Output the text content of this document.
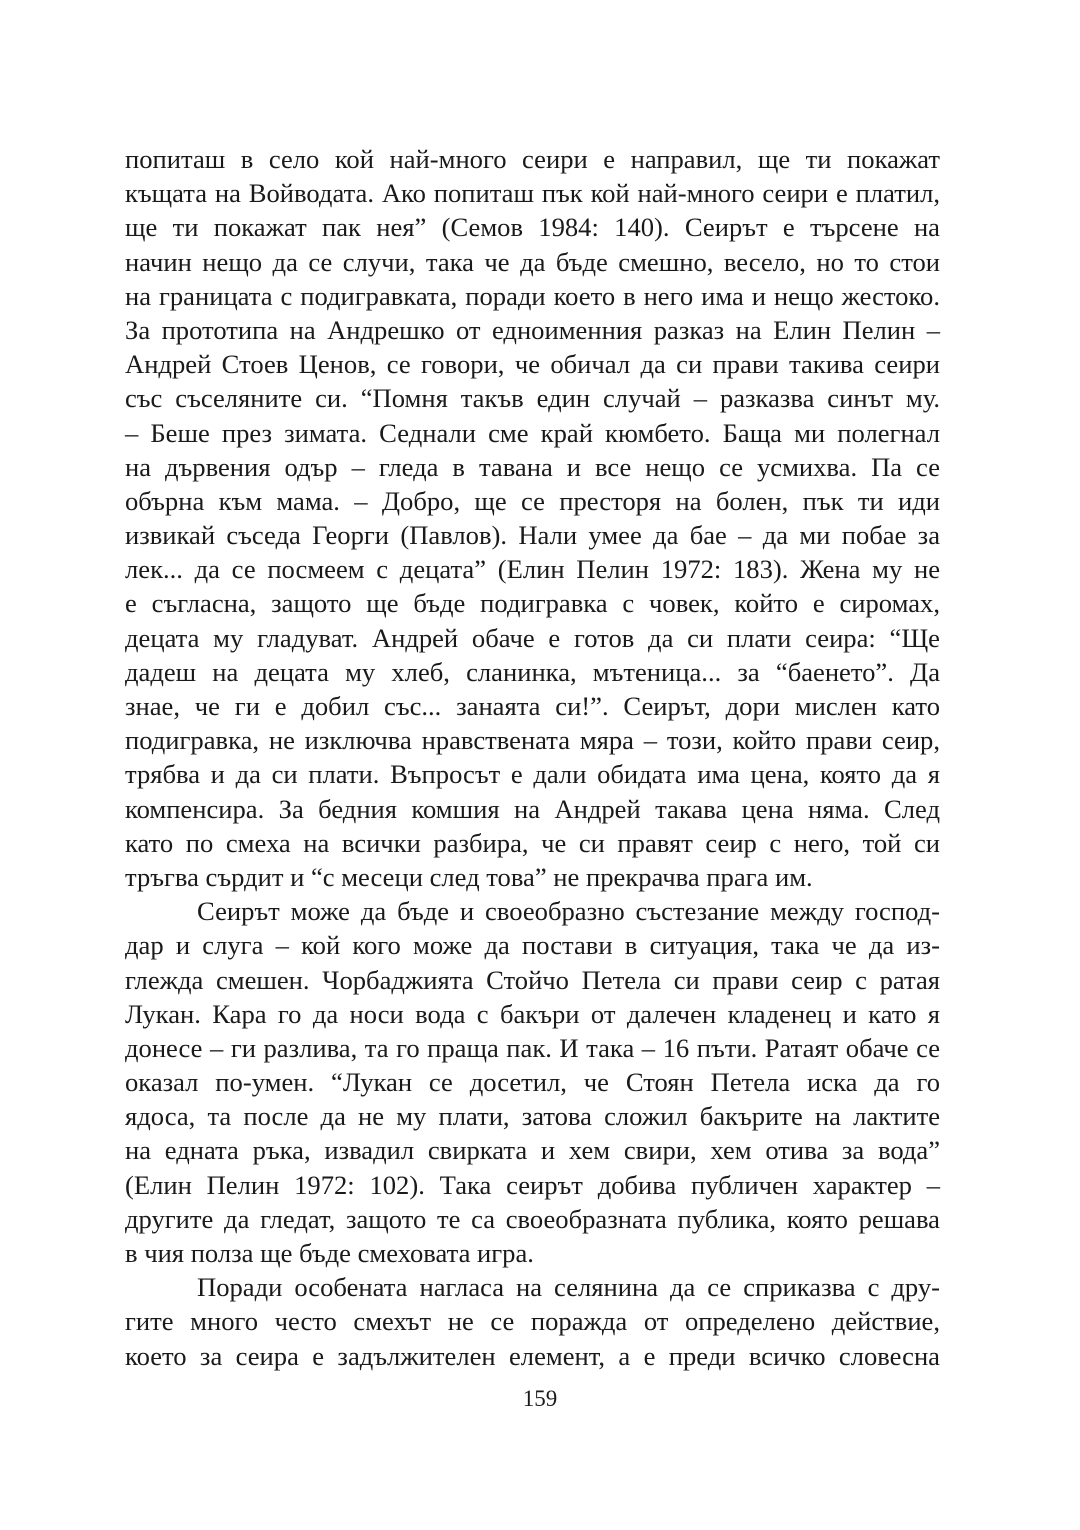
попиташ в село кой най-много сеири е направил, ще ти покажат
къщата на Войводата. Ако попиташ пък кой най-много сеири е платил,
ще ти покажат пак нея” (Семов 1984: 140). Сеирът е търсене на
начин нещо да се случи, така че да бъде смешно, весело, но то стои
на границата с подигравката, поради което в него има и нещо жестоко.
За прототипа на Андрешко от едноименния разказ на Елин Пелин –
Андрей Стоев Ценов, се говори, че обичал да си прави такива сеири
със съселяните си. “Помня такъв един случай – разказва синът му.
– Беше през зимата. Седнали сме край кюмбето. Баща ми полегнал
на дървения одър – гледа в тавана и все нещо се усмихва. Па се
обърна към мама. – Добро, ще се престоря на болен, пък ти иди
извикай съседа Георги (Павлов). Нали умее да бае – да ми побае за
лек... да се посмеем с децата” (Елин Пелин 1972: 183). Жена му не
е съгласна, защото ще бъде подигравка с човек, който е сиромах,
децата му гладуват. Андрей обаче е готов да си плати сеира: “Ще
дадеш на децата му хлеб, сланинка, мътеница... за “баенето”. Да
знае, че ги е добил със... занаята си!”. Сеирът, дори мислен като
подигравка, не изключва нравствената мяра – този, който прави сеир,
трябва и да си плати. Въпросът е дали обидата има цена, която да я
компенсира. За бедния комшия на Андрей такава цена няма. След
като по смеха на всички разбира, че си правят сеир с него, той си
тръгва сърдит и “с месеци след това” не прекрачва прага им.
Сеирът може да бъде и своеобразно състезание между господ-
дар и слуга – кой кого може да постави в ситуация, така че да из-
глежда смешен. Чорбаджията Стойчо Петела си прави сеир с ратая
Лукан. Кара го да носи вода с бакъри от далечен кладенец и като я
донесе – ги разлива, та го праща пак. И така – 16 пъти. Ратаят обаче се
оказал по-умен. “Лукан се досетил, че Стоян Петела иска да го
ядоса, та после да не му плати, затова сложил бакърите на лактите
на едната ръка, извадил свирката и хем свири, хем отива за вода”
(Елин Пелин 1972: 102). Така сеирът добива публичен характер –
другите да гледат, защото те са своеобразната публика, която решава
в чия полза ще бъде смеховата игра.
Поради особената нагласа на селянина да се сприказва с дру-
гите много често смехът не се поражда от определено действие,
което за сеира е задължителен елемент, а е преди всичко словесна
159
